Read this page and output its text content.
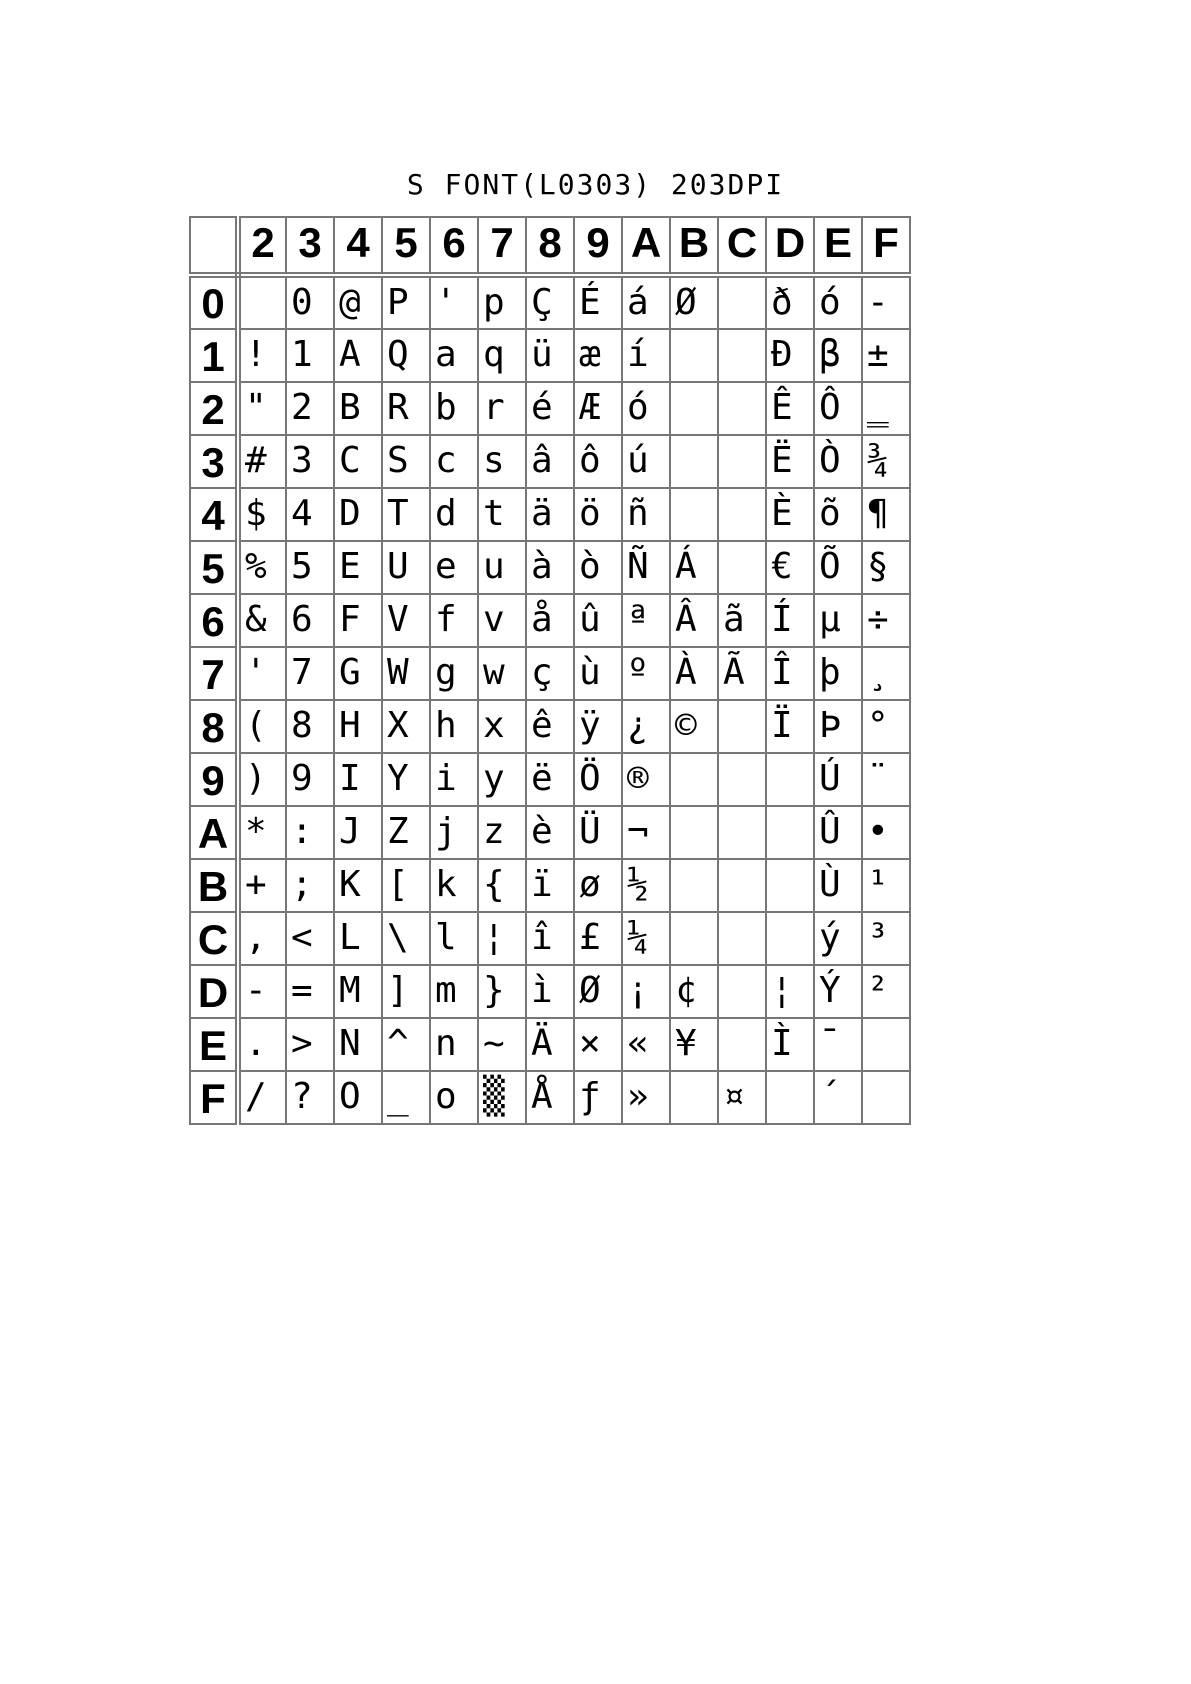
S FONT(L0303) 203DPI
	2	3	4	5	6	7	8	9	A	B	C	D	E	F
0		0	@	P	'	p	Ç	É	á	Ø		ð	ó	-
1	!	1	A	Q	a	q	ü	æ	í			Đ	β	±
2	"	2	B	R	b	r	é	Æ	ó			Ê	Ô	‗
3	#	3	C	S	c	s	â	ô	ú			Ë	Ò	¾
4	$	4	D	T	d	t	ä	ö	ñ			È	õ	¶
5	%	5	E	U	e	u	à	ò	Ñ	Á		€	Õ	§
6	&	6	F	V	f	v	å	û	ª	Â	ã	Í	µ	÷
7	'	7	G	W	g	w	ç	ù	º	À	Ã	Î	þ	¸
8	(	8	H	X	h	x	ê	ÿ	¿	©		Ï	Þ	°
9	)	9	I	Y	i	y	ë	Ö	®				Ú	¨
A	*	:	J	Z	j	z	è	Ü	¬				Û	•
B	+	;	K	[	k	{	ï	ø	½				Ù	¹
C	,	<	L	\	l	¦	î	£	¼				ý	³
D	-	=	M	]	m	}	ì	Ø	¡	¢		¦	Ý	²
E	.	>	N	^	n	~	Ä	×	«	¥		Ì	¯	
F	/	?	O	_	o	▒	Å	ƒ	»		¤		´	
